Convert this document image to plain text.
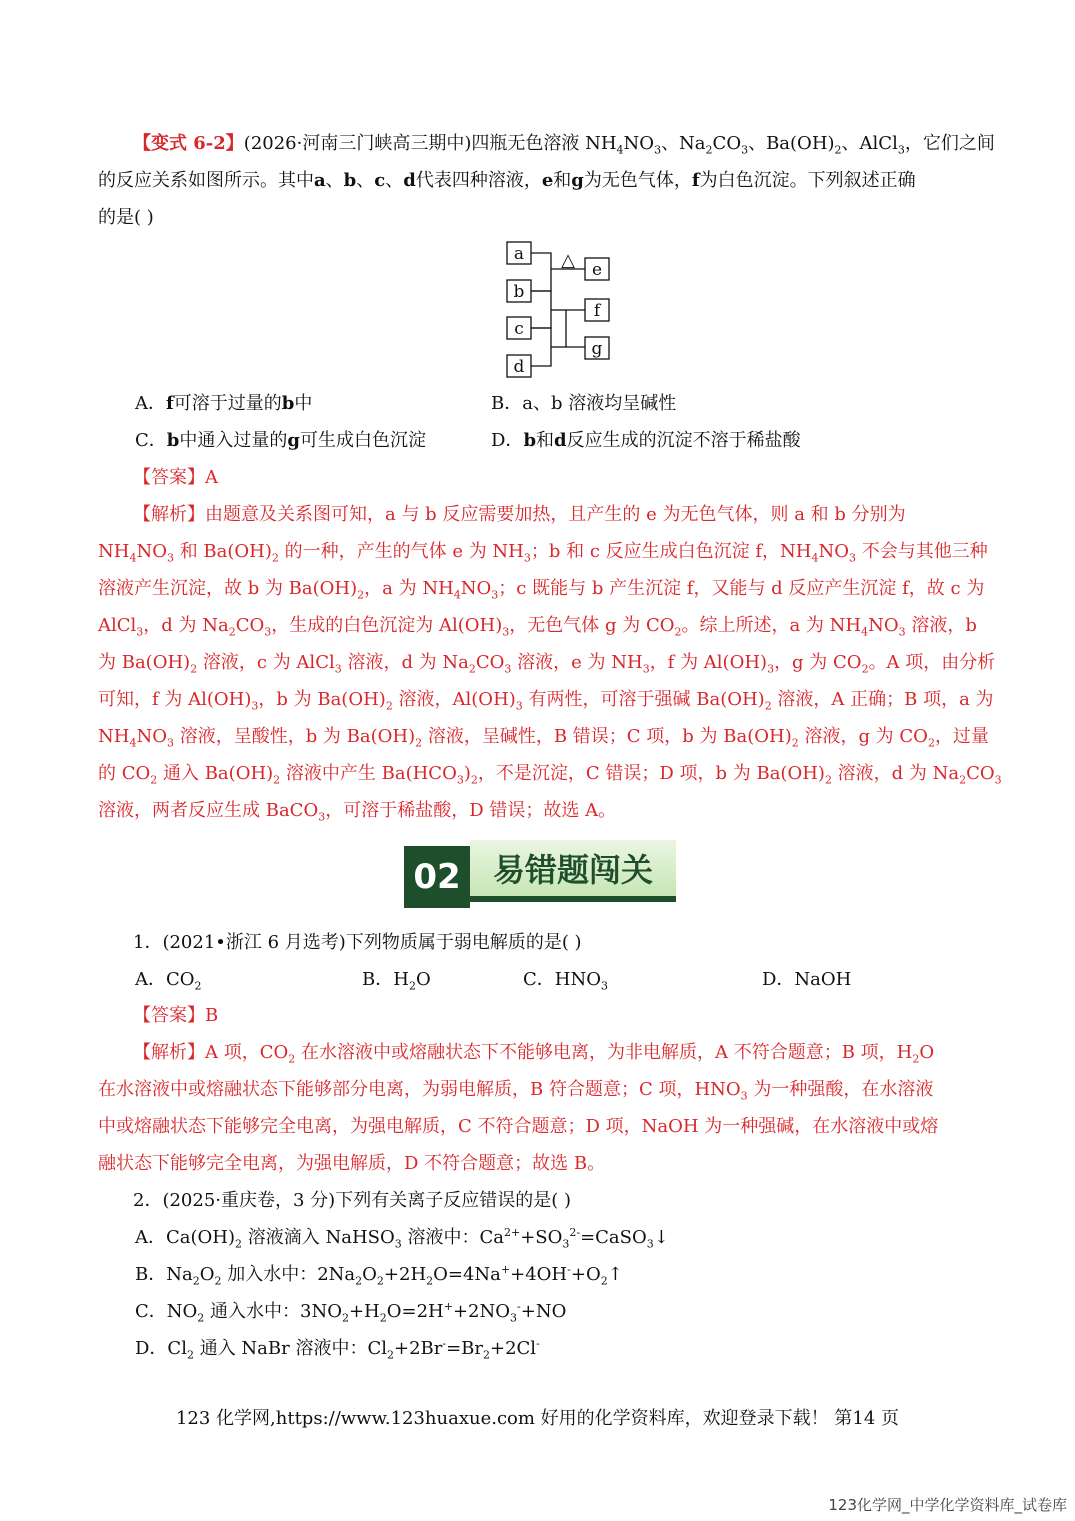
【变式 6-2】(2026·河南三门峡高三期中)四瓶无色溶液 $NH_4NO_3$、$Na_2CO_3$、$Ba(OH)_2$、AlCl$_3$，它们之间
的反应关系如图所示。其中a、b、c、d代表四种溶液，e和g为无色气体，f为白色沉淀。下列叙述正确
的是( )
a
b
c
d
e
f
g
△
A．f可溶于过量的b中	B．a、b 溶液均呈碱性
C．b中通入过量的g可生成白色沉淀	D．b和d反应生成的沉淀不溶于稀盐酸
【答案】A
【解析】由题意及关系图可知，a 与 b 反应需要加热，且产生的 e 为无色气体，则 a 和 b 分别为
$NH_4NO_3$ 和 $Ba(OH)_2$ 的一种，产生的气体 e 为 $NH_3$；b 和 c 反应生成白色沉淀 f，$NH_4NO_3$ 不会与其他三种
溶液产生沉淀，故 b 为 $Ba(OH)_2$，a 为 $NH_4NO_3$；c 既能与 b 产生沉淀 f，又能与 d 反应产生沉淀 f，故 c 为
AlCl$_3$，d 为 $Na_2CO_3$，生成的白色沉淀为 $Al(OH)_3$，无色气体 g 为 $CO_2$。综上所述，a 为 $NH_4NO_3$ 溶液，b
为 $Ba(OH)_2$ 溶液，c 为 AlCl$_3$ 溶液，d 为 $Na_2CO_3$ 溶液，e 为 $NH_3$，f 为 $Al(OH)_3$，g 为 $CO_2$。A 项，由分析
可知，f 为 $Al(OH)_3$，b 为 $Ba(OH)_2$ 溶液，$Al(OH)_3$ 有两性，可溶于强碱 $Ba(OH)_2$ 溶液，A 正确；B 项，a 为
$NH_4NO_3$ 溶液，呈酸性，b 为 $Ba(OH)_2$ 溶液，呈碱性，B 错误；C 项，b 为 $Ba(OH)_2$ 溶液，g 为 $CO_2$，过量
的 $CO_2$ 通入 $Ba(OH)_2$ 溶液中产生 $Ba(HCO_3)_2$，不是沉淀，C 错误；D 项，b 为 $Ba(OH)_2$ 溶液，d 为 $Na_2CO_3$
溶液，两者反应生成 BaCO$_3$，可溶于稀盐酸，D 错误；故选 A。
02	易错题闯关
1．(2021•浙江 6 月选考)下列物质属于弱电解质的是( )
A．$CO_2$	B．$H_2O$	C．$HNO_3$	D．NaOH
【答案】B
【解析】A 项，$CO_2$ 在水溶液中或熔融状态下不能够电离，为非电解质，A 不符合题意；B 项，$H_2O$
在水溶液中或熔融状态下能够部分电离，为弱电解质，B 符合题意；C 项，$HNO_3$ 为一种强酸，在水溶液
中或熔融状态下能够完全电离，为强电解质，C 不符合题意；D 项，NaOH 为一种强碱，在水溶液中或熔
融状态下能够完全电离，为强电解质，D 不符合题意；故选 B。
2．(2025·重庆卷，3 分)下列有关离子反应错误的是( )
A．$Ca(OH)_2$ 溶液滴入 NaHSO$_3$ 溶液中：$Ca^{2+}+SO_3^{2-}=CaSO_3↓$
B．$Na_2O_2$ 加入水中：$2Na_2O_2+2H_2O=4Na^++4OH^-+O_2↑$
C．$NO_2$ 通入水中：$3NO_2+H_2O=2H^++2NO_3^-+NO$
D．$Cl_2$ 通入 NaBr 溶液中：$Cl_2+2Br^-=Br_2+2Cl^-$
123 化学网,https://www.123huaxue.com 好用的化学资料库，欢迎登录下载！ 第14 页
123化学网_中学化学资料库_试卷库
